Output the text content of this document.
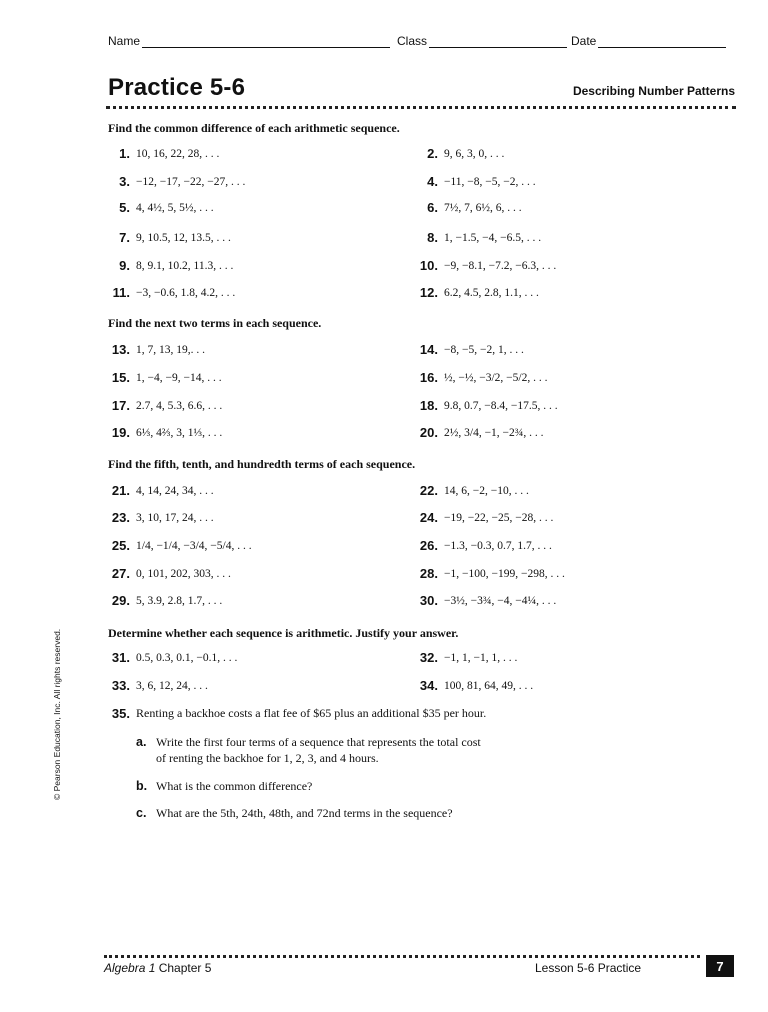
Name	Class	Date
Practice 5-6	Describing Number Patterns
Find the common difference of each arithmetic sequence.
1. 10, 16, 22, 28, . . .	2. 9, 6, 3, 0, . . .
3. −12, −17, −22, −27, . . .	4. −11, −8, −5, −2, . . .
5. 4, 4½, 5, 5½, . . .	6. 7½, 7, 6½, 6, . . .
7. 9, 10.5, 12, 13.5, . . .	8. 1, −1.5, −4, −6.5, . . .
9. 8, 9.1, 10.2, 11.3, . . .	10. −9, −8.1, −7.2, −6.3, . . .
11. −3, −0.6, 1.8, 4.2, . . .	12. 6.2, 4.5, 2.8, 1.1, . . .
Find the next two terms in each sequence.
13. 1, 7, 13, 19,. . .	14. −8, −5, −2, 1, . . .
15. 1, −4, −9, −14, . . .	16. ½, −½, −3/2, −5/2, . . .
17. 2.7, 4, 5.3, 6.6, . . .	18. 9.8, 0.7, −8.4, −17.5, . . .
19. 6⅓, 4⅔, 3, 1⅓, . . .	20. 2½, 3/4, −1, −2¾, . . .
Find the fifth, tenth, and hundredth terms of each sequence.
21. 4, 14, 24, 34, . . .	22. 14, 6, −2, −10, . . .
23. 3, 10, 17, 24, . . .	24. −19, −22, −25, −28, . . .
25. 1/4, −1/4, −3/4, −5/4, . . .	26. −1.3, −0.3, 0.7, 1.7, . . .
27. 0, 101, 202, 303, . . .	28. −1, −100, −199, −298, . . .
29. 5, 3.9, 2.8, 1.7, . . .	30. −3½, −3¾, −4, −4¼, . . .
Determine whether each sequence is arithmetic. Justify your answer.
31. 0.5, 0.3, 0.1, −0.1, . . .	32. −1, 1, −1, 1, . . .
33. 3, 6, 12, 24, . . .	34. 100, 81, 64, 49, . . .
35. Renting a backhoe costs a flat fee of $65 plus an additional $35 per hour.
a. Write the first four terms of a sequence that represents the total cost
of renting the backhoe for 1, 2, 3, and 4 hours.
b. What is the common difference?
c. What are the 5th, 24th, 48th, and 72nd terms in the sequence?
© Pearson Education, Inc. All rights reserved.
Algebra 1 Chapter 5	Lesson 5-6 Practice	7
